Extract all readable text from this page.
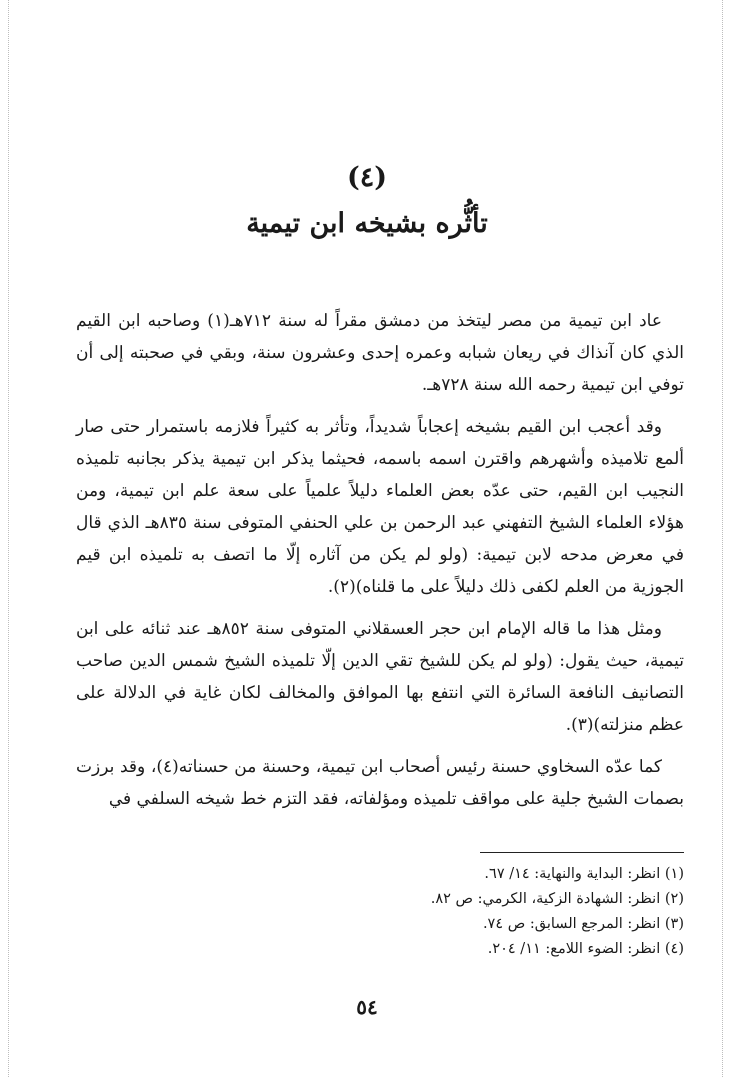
(٤)
تأثُّره بشيخه ابن تيمية

عاد ابن تيمية من مصر ليتخذ من دمشق مقراً له سنة ٧١٢هـ(١) وصاحبه ابن القيم الذي كان آنذاك في ريعان شبابه وعمره إحدى وعشرون سنة، وبقي في صحبته إلى أن توفي ابن تيمية رحمه الله سنة ٧٢٨هـ.

وقد أعجب ابن القيم بشيخه إعجاباً شديداً، وتأثر به كثيراً فلازمه باستمرار حتى صار ألمع تلاميذه وأشهرهم واقترن اسمه باسمه، فحيثما يذكر ابن تيمية يذكر بجانبه تلميذه النجيب ابن القيم، حتى عدّه بعض العلماء دليلاً علمياً على سعة علم ابن تيمية، ومن هؤلاء العلماء الشيخ التفهني عبد الرحمن بن علي الحنفي المتوفى سنة ٨٣٥هـ الذي قال في معرض مدحه لابن تيمية: (ولو لم يكن من آثاره إلّا ما اتصف به تلميذه ابن قيم الجوزية من العلم لكفى ذلك دليلاً على ما قلناه)(٢).

ومثل هذا ما قاله الإمام ابن حجر العسقلاني المتوفى سنة ٨٥٢هـ عند ثنائه على ابن تيمية، حيث يقول: (ولو لم يكن للشيخ تقي الدين إلّا تلميذه الشيخ شمس الدين صاحب التصانيف النافعة السائرة التي انتفع بها الموافق والمخالف لكان غاية في الدلالة على عظم منزلته)(٣).

كما عدّه السخاوي حسنة رئيس أصحاب ابن تيمية، وحسنة من حسناته(٤)، وقد برزت بصمات الشيخ جلية على مواقف تلميذه ومؤلفاته، فقد التزم خط شيخه السلفي في

(١) انظر: البداية والنهاية: ١٤/ ٦٧.
(٢) انظر: الشهادة الزكية، الكرمي: ص ٨٢.
(٣) انظر: المرجع السابق: ص ٧٤.
(٤) انظر: الضوء اللامع: ١١/ ٢٠٤.
٥٤
